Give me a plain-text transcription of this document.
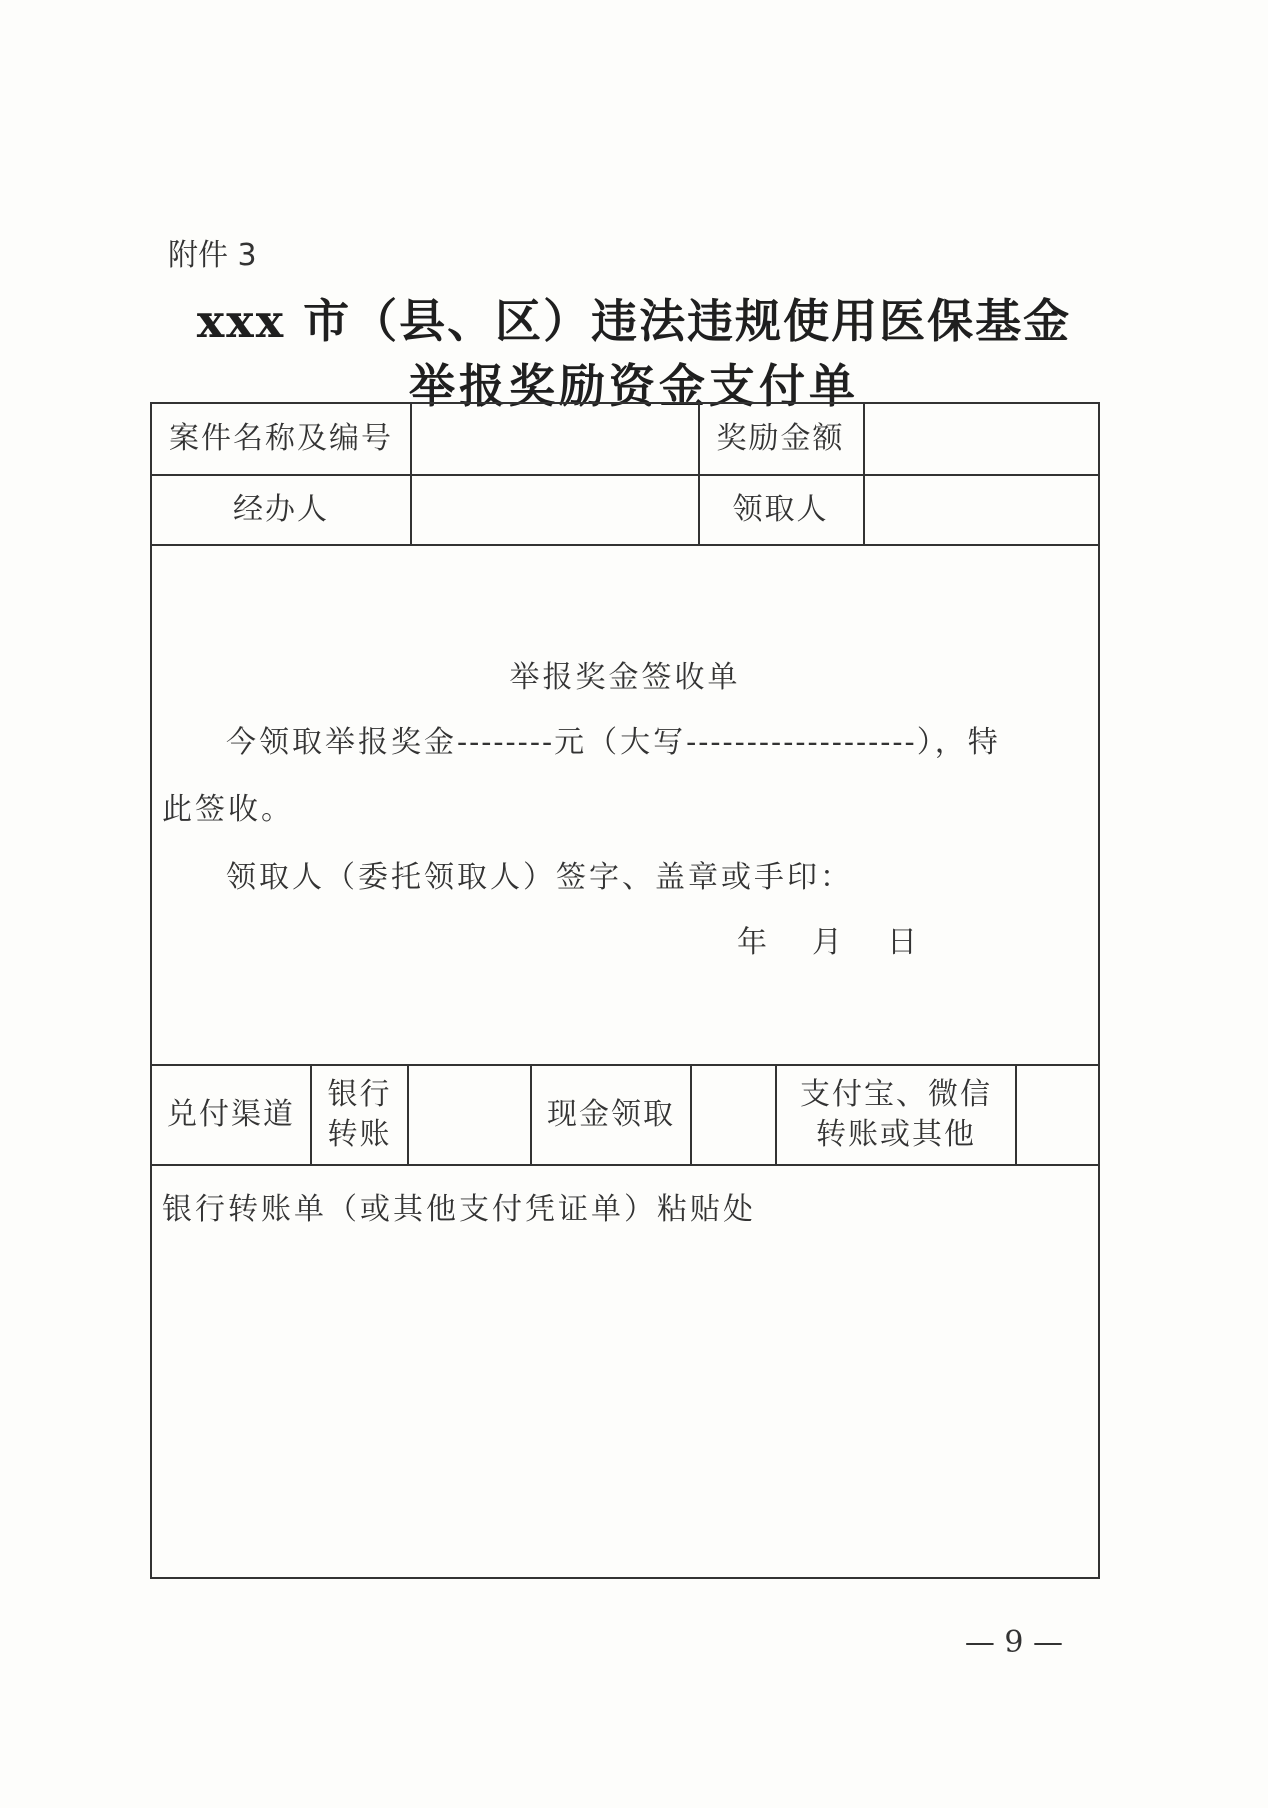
附件 3
xxx 市（县、区）违法违规使用医保基金
举报奖励资金支付单
案件名称及编号	奖励金额
经办人	领取人
举报奖金签收单
今领取举报奖金--------元（大写-------------------），特
此签收。
领取人（委托领取人）签字、盖章或手印：
年 月 日
兑付渠道
银行
转账
现金领取
支付宝、微信
转账或其他
银行转账单（或其他支付凭证单）粘贴处
— 9 —
